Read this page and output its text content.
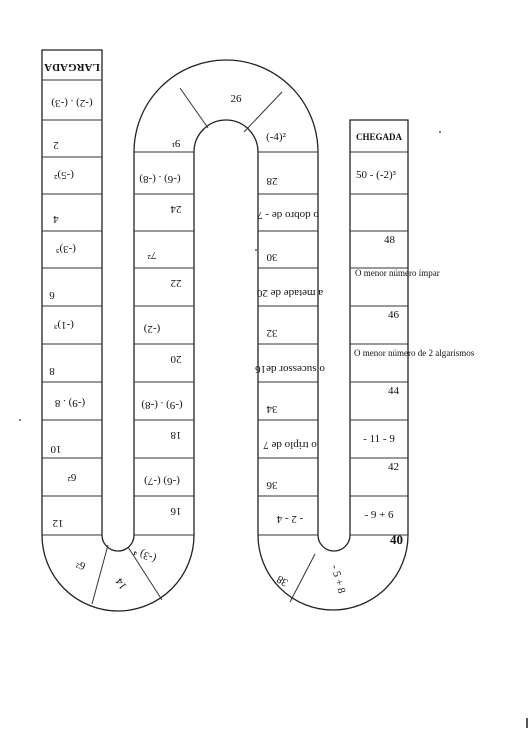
LARGADA
(-2) . (-3)
2
(-5)²
4
(-3)³
6
(-1)³
8
(-9) . 8
10
6²
12
9¹
(-6) . (-8)
24
7²
22
(-2)
20
(-9) . (-8)
18
(-6) (-7)
16
(-4)²
28
o dobro de - 7
30
a metade de 20
32
o sucessor de16
34
o triplo de 7
36
- 2 - 4
CHEGADA
50 - (-2)³
48
O menor número ímpar
46
O menor número de 2 algarismos
44
- 11 - 9
42
- 9 + 6
26
(-3) ⁴
14
6²	- 5 + 8
38
40
